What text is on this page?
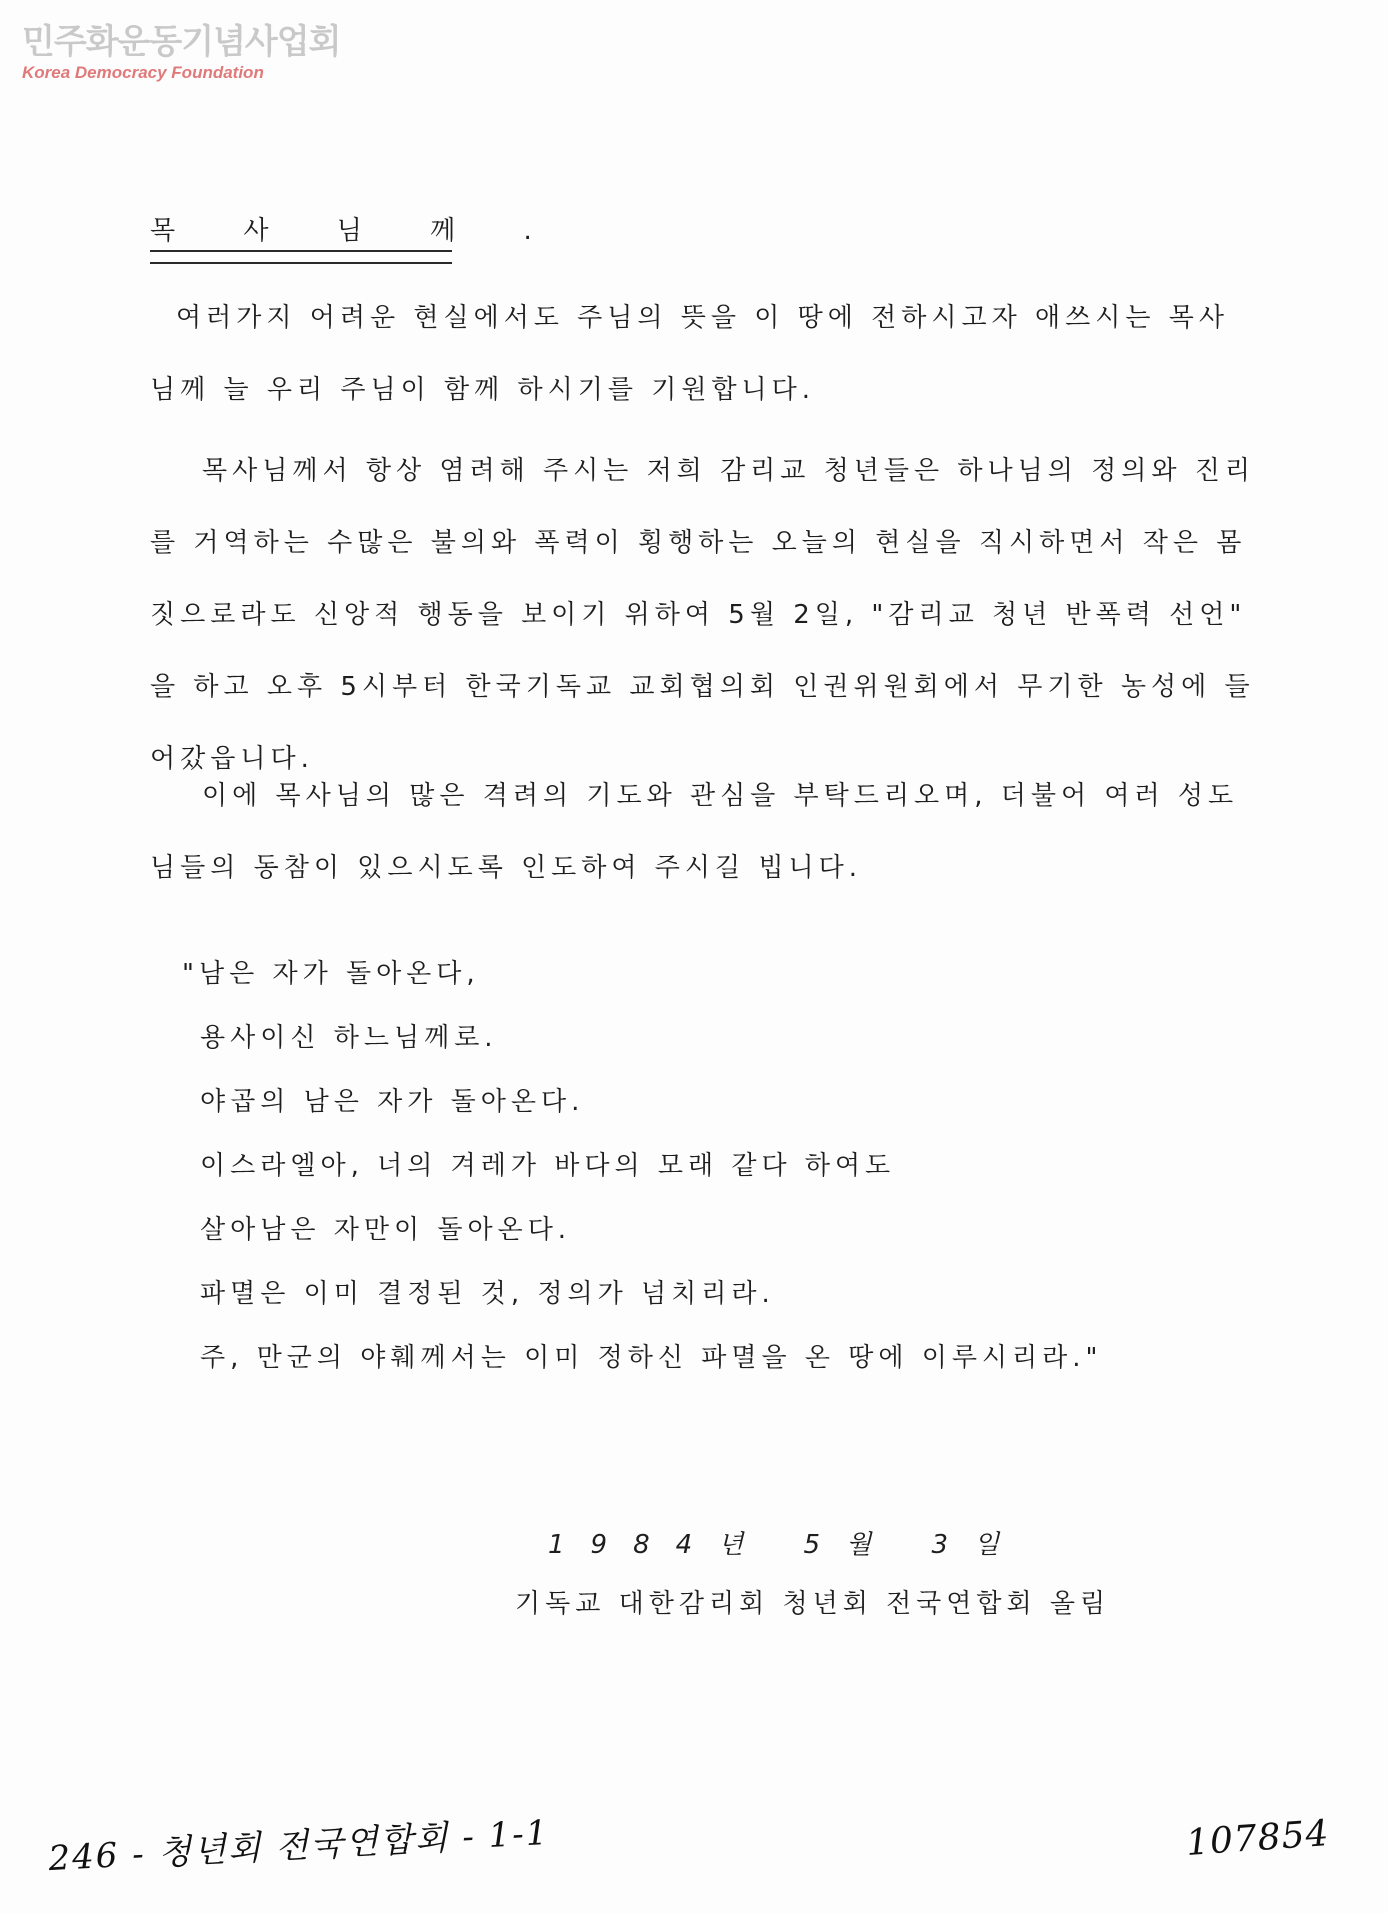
민주화운동기념사업회
Korea Democracy Foundation
목 사 님 께 .
여러가지 어려운 현실에서도 주님의 뜻을 이 땅에 전하시고자 애쓰시는 목사
님께 늘 우리 주님이 함께 하시기를 기원합니다.
목사님께서 항상 염려해 주시는 저희 감리교 청년들은 하나님의 정의와 진리
를 거역하는 수많은 불의와 폭력이 횡행하는 오늘의 현실을 직시하면서 작은 몸
짓으로라도 신앙적 행동을 보이기 위하여 5월 2일, "감리교 청년 반폭력 선언"
을 하고 오후 5시부터 한국기독교 교회협의회 인권위원회에서 무기한 농성에 들
어갔읍니다.
이에 목사님의 많은 격려의 기도와 관심을 부탁드리오며, 더불어 여러 성도
님들의 동참이 있으시도록 인도하여 주시길 빕니다.
"남은 자가 돌아온다,
용사이신 하느님께로.
야곱의 남은 자가 돌아온다.
이스라엘아, 너의 겨레가 바다의 모래 같다 하여도
살아남은 자만이 돌아온다.
파멸은 이미 결정된 것, 정의가 넘치리라.
주, 만군의 야훼께서는 이미 정하신 파멸을 온 땅에 이루시리라."
1984년 5월 3일
기독교 대한감리회 청년회 전국연합회 올림
246 - 청년회 전국연합회 - 1-1	107854
